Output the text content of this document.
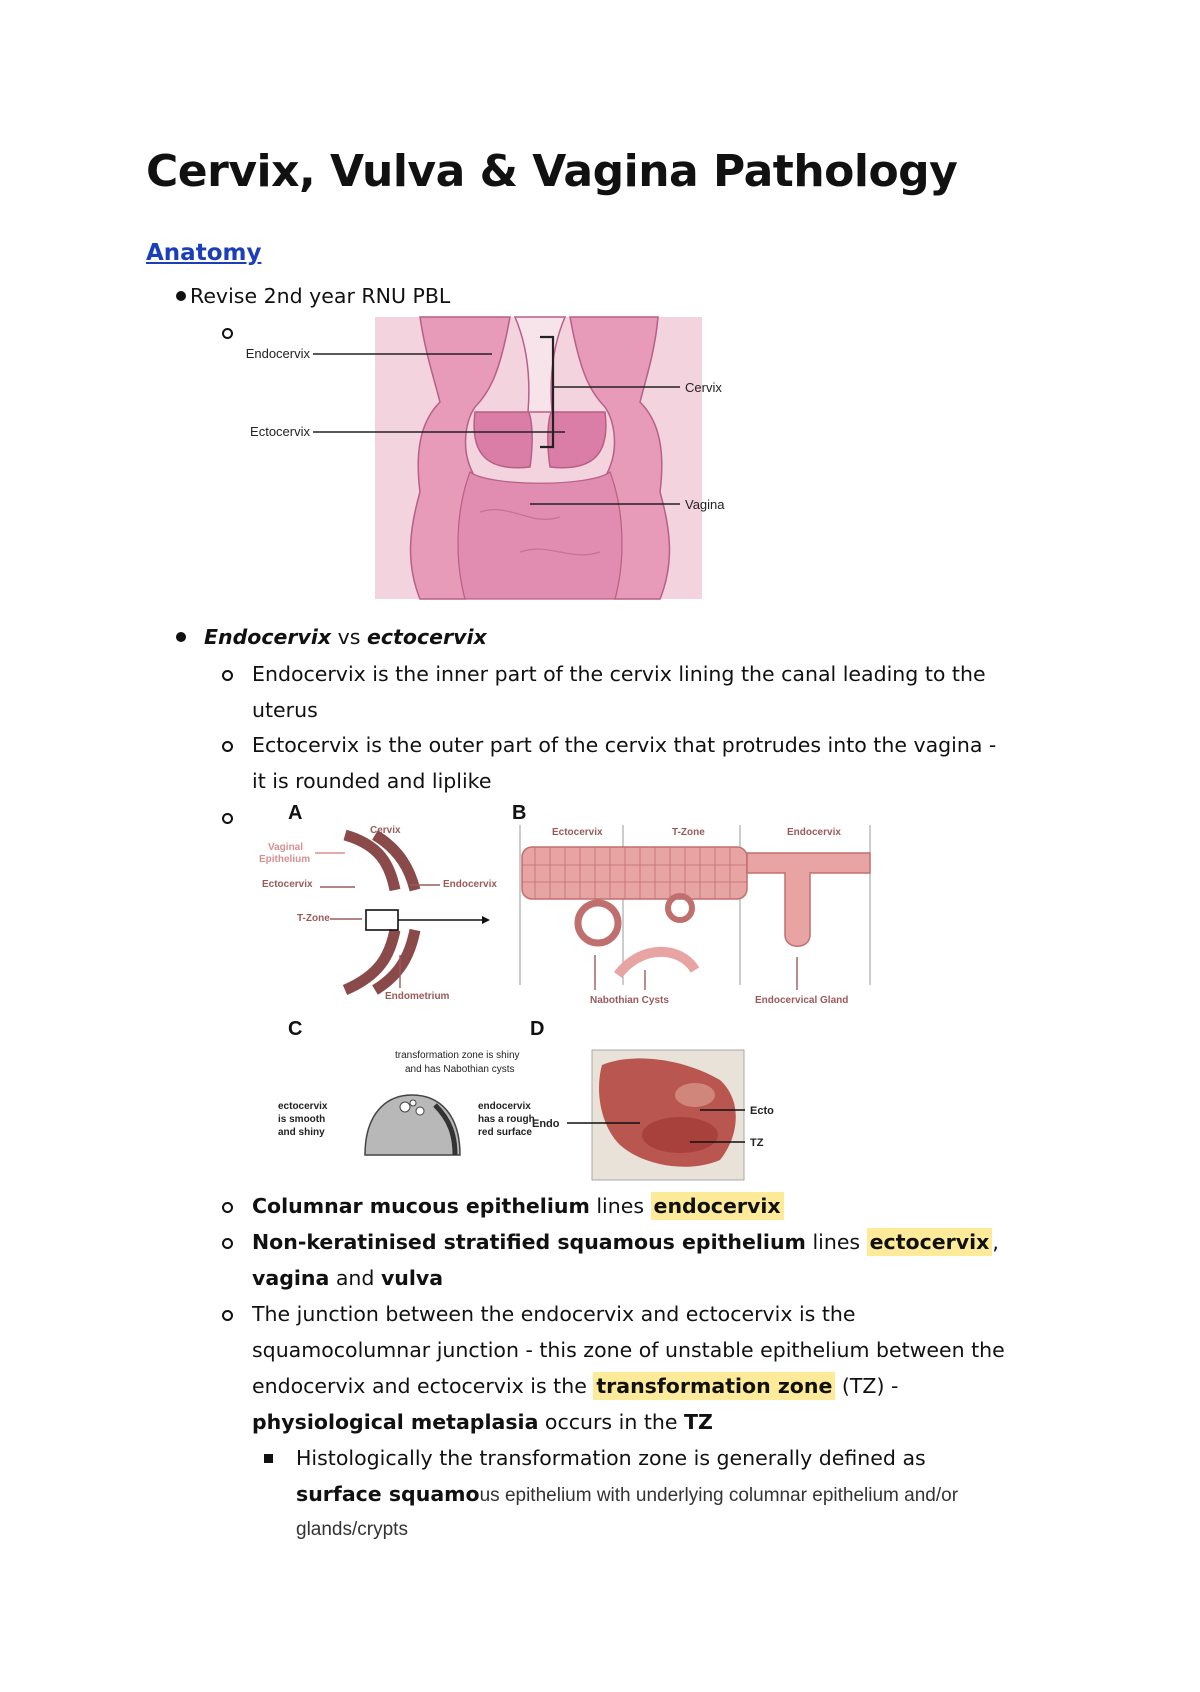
Cervix, Vulva & Vagina Pathology
Anatomy
Revise 2nd year RNU PBL
Endocervix
Ectocervix
Cervix
Vagina
Endocervix vs ectocervix
Endocervix is the inner part of the cervix lining the canal leading to the
uterus
Ectocervix is the outer part of the cervix that protrudes into the vagina -
it is rounded and liplike
A
Cervix
Vaginal
Epithelium
Ectocervix	Endocervix
T-Zone
Endometrium
B
Ectocervix	T-Zone	Endocervix
Nabothian Cysts	Endocervical Gland
C
transformation zone is shiny
and has Nabothian cysts
ectocervix
is smooth
and shiny
endocervix
has a rough
red surface
D
Endo
Ecto
TZ
Columnar mucous epithelium lines endocervix
Non-keratinised stratified squamous epithelium lines ectocervix ,
vagina and vulva
The junction between the endocervix and ectocervix is the
squamocolumnar junction - this zone of unstable epithelium between the
endocervix and ectocervix is the transformation zone (TZ) -
physiological metaplasia occurs in the TZ
Histologically the transformation zone is generally defined as
surface squamous epithelium with underlying columnar epithelium and/or
glands/crypts
